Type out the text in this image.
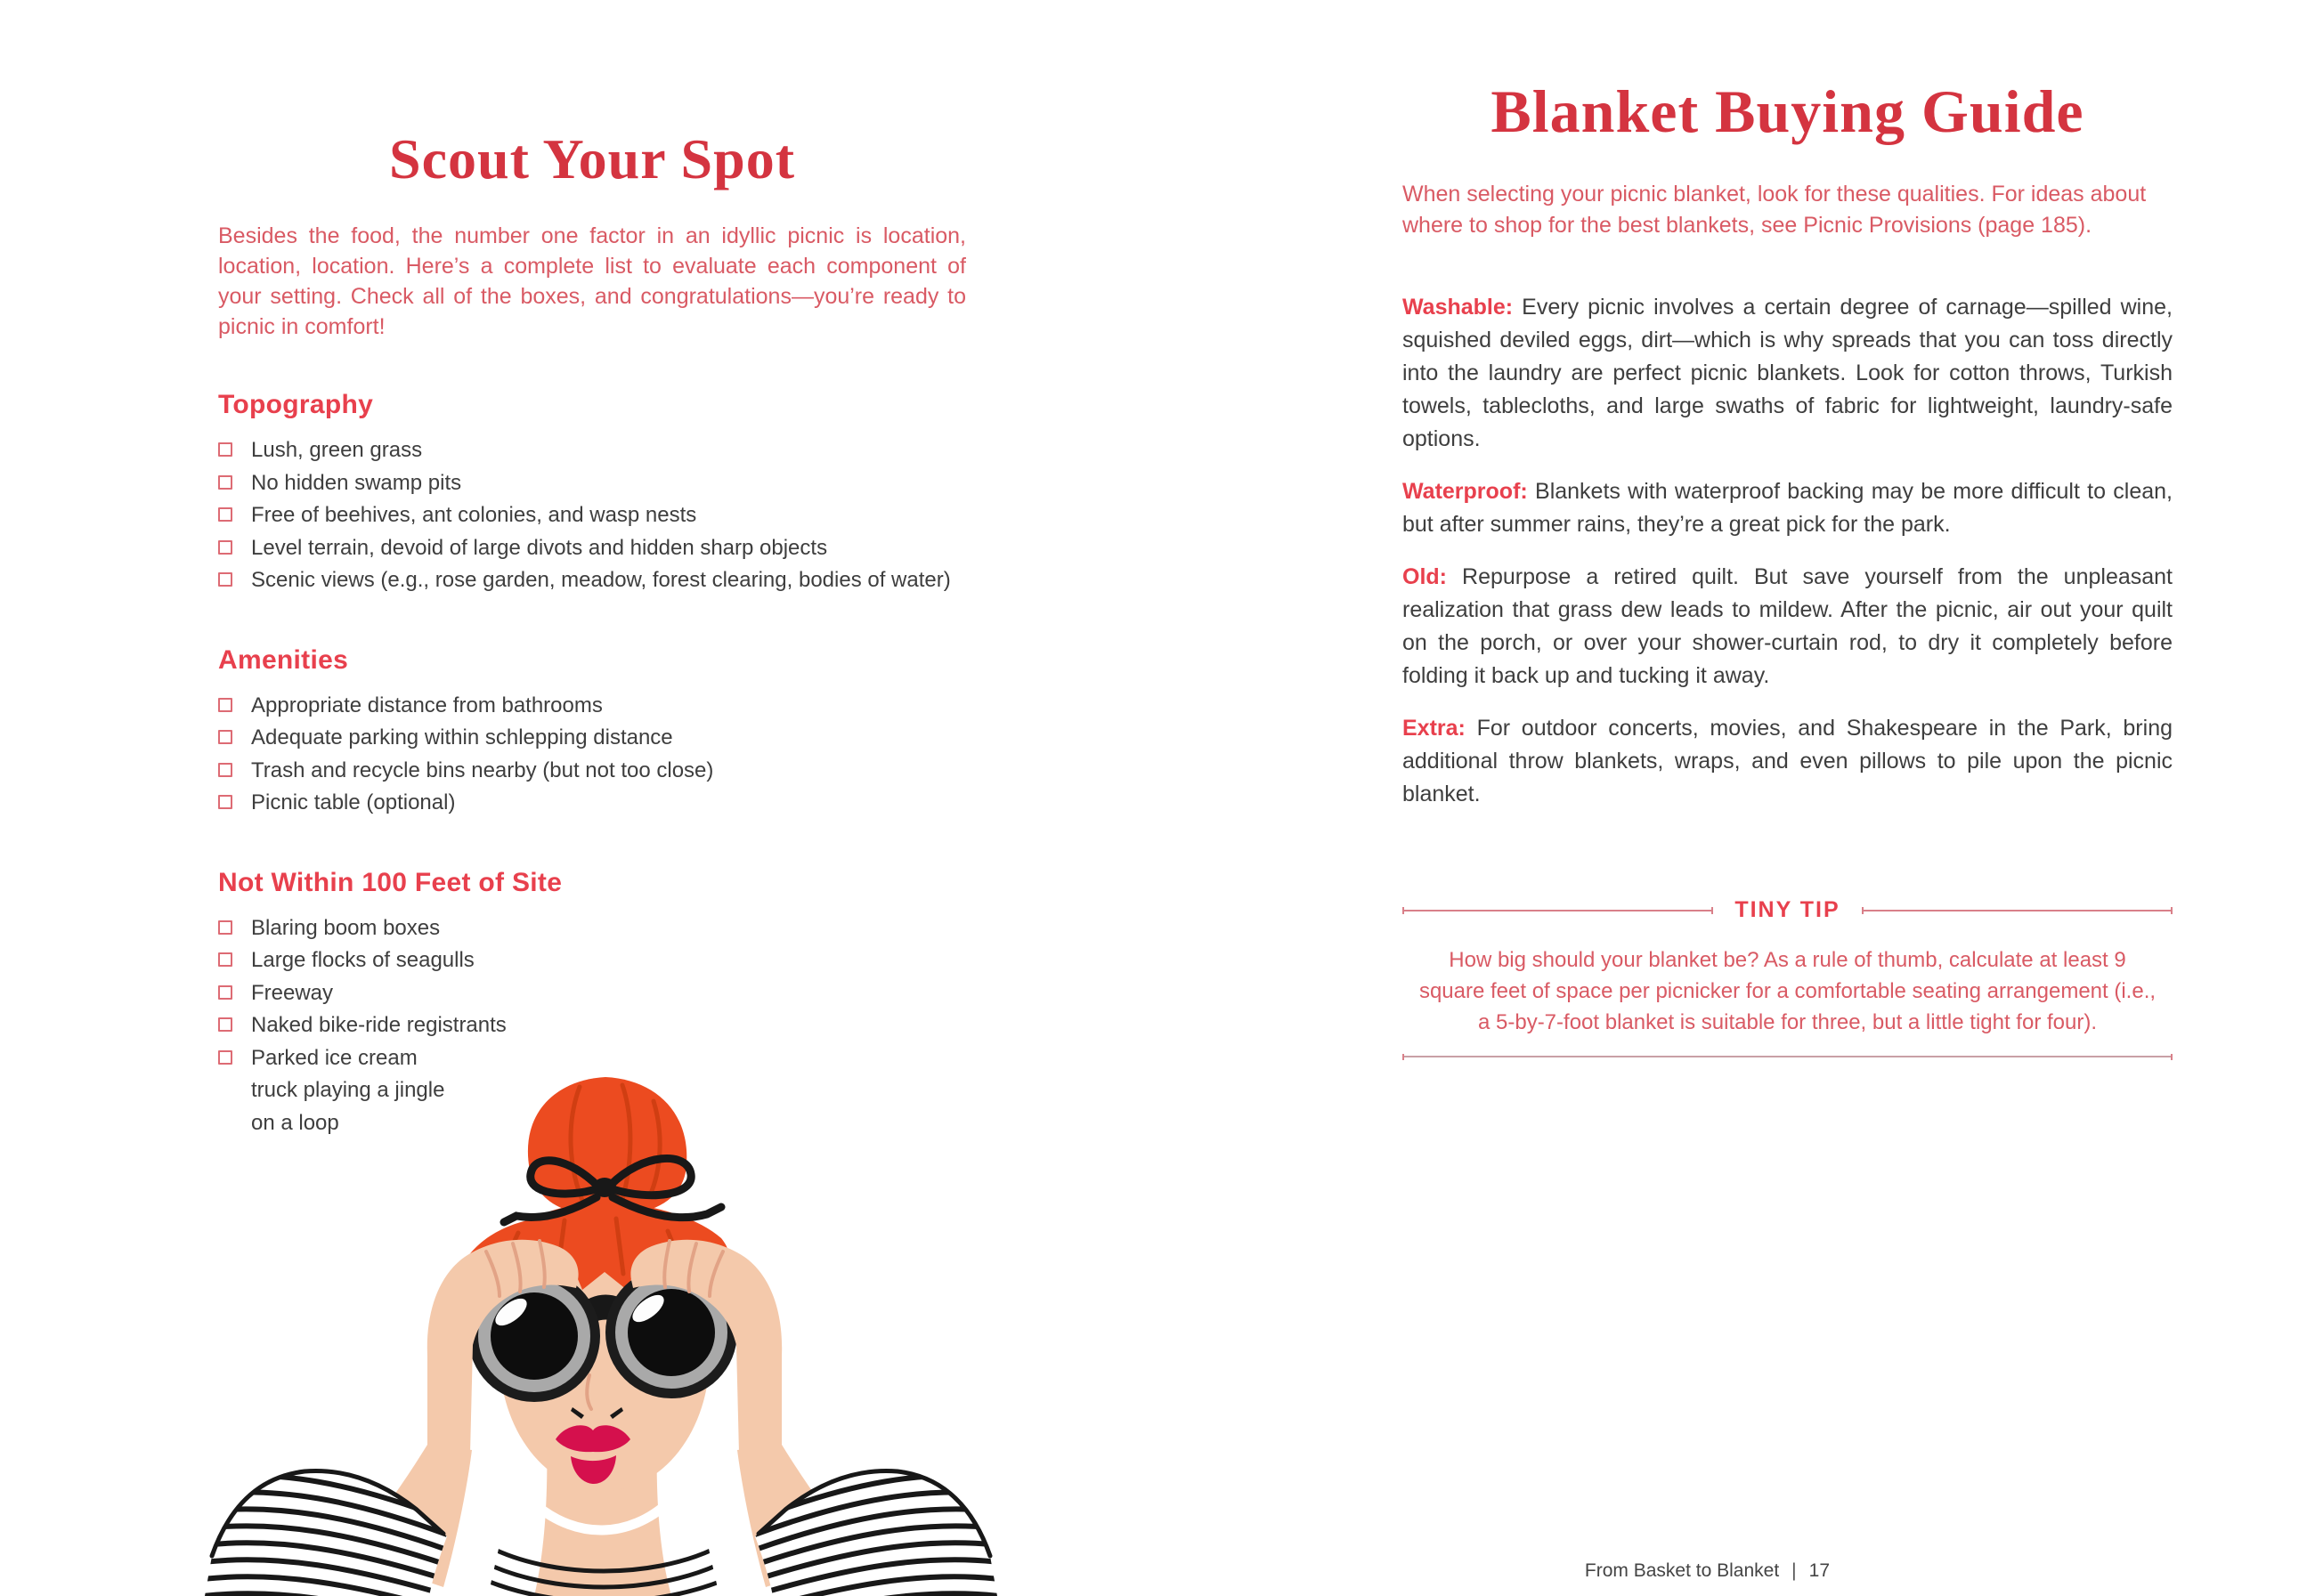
Scout Your Spot

Besides the food, the number one factor in an idyllic picnic is location, location, location. Here’s a complete list to evaluate each component of your setting. Check all of the boxes, and congratulations—you’re ready to picnic in comfort!

Topography
Lush, green grass
No hidden swamp pits
Free of beehives, ant colonies, and wasp nests
Level terrain, devoid of large divots and hidden sharp objects
Scenic views (e.g., rose garden, meadow, forest clearing, bodies of water)
Amenities
Appropriate distance from bathrooms
Adequate parking within schlepping distance
Trash and recycle bins nearby (but not too close)
Picnic table (optional)
Not Within 100 Feet of Site
Blaring boom boxes
Large flocks of seagulls
Freeway
Naked bike-ride registrants
Parked ice cream truck playing a jingle on a loop
Blanket Buying Guide

When selecting your picnic blanket, look for these qualities. For ideas about where to shop for the best blankets, see Picnic Provisions (page 185).

Washable: Every picnic involves a certain degree of carnage—spilled wine, squished deviled eggs, dirt—which is why spreads that you can toss directly into the laundry are perfect picnic blankets. Look for cotton throws, Turkish towels, tablecloths, and large swaths of fabric for lightweight, laundry-safe options.

Waterproof: Blankets with waterproof backing may be more difficult to clean, but after summer rains, they’re a great pick for the park.

Old: Repurpose a retired quilt. But save yourself from the unpleasant realization that grass dew leads to mildew. After the picnic, air out your quilt on the porch, or over your shower-curtain rod, to dry it completely before folding it back up and tucking it away.

Extra: For outdoor concerts, movies, and Shakespeare in the Park, bring additional throw blankets, wraps, and even pillows to pile upon the picnic blanket.

TINY TIP

How big should your blanket be? As a rule of thumb, calculate at least 9 square feet of space per picnicker for a comfortable seating arrangement (i.e., a 5-by-7-foot blanket is suitable for three, but a little tight for four).

From Basket to Blanket | 17
